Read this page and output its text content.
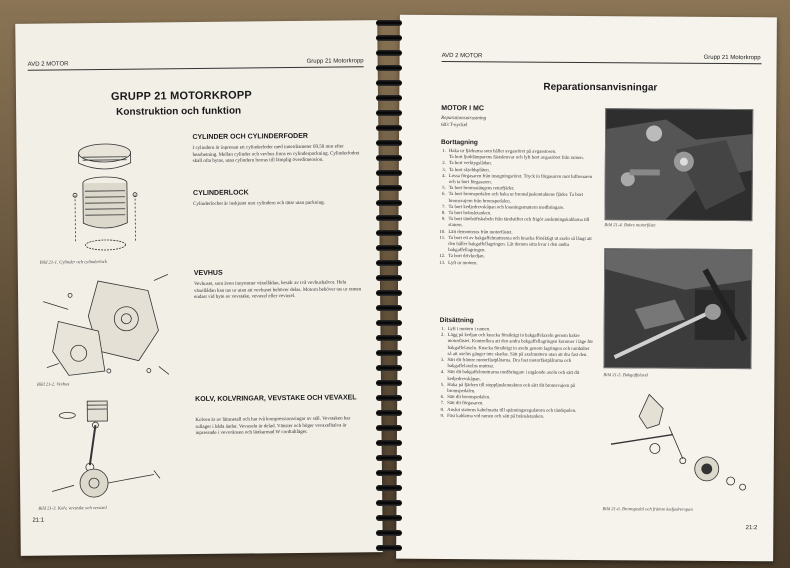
AVD 2 MOTOR	Grupp 21 Motorkropp
GRUPP 21 MOTORKROPP
Konstruktion och funktion
Bild 21-1. Cylinder och cylinderlock
CYLINDER OCH CYLINDERFODER
I cylindern är inpressat ett cylinderfoder med innerdiameter 69,50 mm efter bearbetning. Mellan cylinder och vevhus finns en cylinderpackning. Cylinderfodret skall ofta bytas, utan cylindern borras till lämplig överdimension.
CYLINDERLOCK
Cylinderlocket är inskjutet mot cylindern och tätar utan packning.
Bild 21-2. Vevhus
VEVHUS
Vevhuset, som även innymmer växellådan, består av två vevhushalvor. Hela växellådan kan tas ur utan att vevhuset behöver delas. Motorn behöver tas ur ramen endast vid byte av vevstake, vevaxel eller vevaxel.
Bild 21-3. Kolv, vevstake och vevaxel
KOLV, KOLVRINGAR, VEVSTAKE OCH VEVAXEL
Kolven är av lättmetall och har två kompressionsringar av stål. Vevstaken har rullager i båda ändar. Vevaxeln är delad. Vänster och höger vevaxelhalva är inpressade i vevsvänsen och länkarmad W cordtaltläger.
21:1
AVD 2 MOTOR	Grupp 21 Motorkropp
Reparationsanvisningar
MOTOR I MC
Reparationsutrustning
603 T-nyckel
Borttagning
1. Haka ur fjädrarna som håller avgasröret på avgasstosen.
Ta bort ljuddämparens fästskruvar och lyft bort avgasröret från ramen.
2. Ta bort verktygslådan.
3. Ta bort skyddsplåten.
4. Lossa förgasaren från insugningsröret. Tryck in förgasaren mot luftrenaren och ta bort förgasaren.
5. Ta bort bromsstängens returfjäder.
6. Ta bort bromspedalen och haka ur bromsljuskontaktens fjäder. Ta bort bromsvajern från bromspedalen.
7. Ta bort kedjedrevskåpan och lossningsmuttern medbringare.
8. Ta bort bränsletanken.
9. Ta bort tändstiftskabeln från tändstiftet och frigör anslutningskablarna till statorn.
10. Lätt demonteras från motorfästet.
11. Ta bort ett av bakgaffelmuttrarna och knacka försiktigt ut axeln så långt att den håller bakgaffellagringen. Låt demon sitta kvar i den andra bakgaffellagringen.
12. Ta bort drivkedjan.
13. Lyft ur motorn.
Ditsättning
1. Lyft i motorn i ramen.
2. Lägg på kedjan och knacka försiktigt in bakgaffelaxeln genom bakre motorfästet. Kontrollera att den andra bakgaffellagringen kommer i läge för bakgaffelaxeln. Knacka försiktigt in axeln genom lagringen och rambältet så att axelns gänger inte skadas. Sätt på axelmuttern utan att dra fast den.
3. Sätt dit främre motorfästplåtarna. Dra fast motorfästplåtarna och bakgaffelaxelns muttrar.
4. Sätt dit bakgaffelmuttrarna medbringare i utgående axeln och sätt dit kedjedrevskåpan.
5. Haka på fjädern till stoppljuskontakten och sätt dit bromsvajern på bromspedalen.
6. Sätt dit bromspedalen.
7. Sätt dit förgasaren.
8. Anslut statorns kabelmatta till spänningsregulatorn och tändspolen.
9. Fäst kablarna vid ramen och sätt på bränsletanken.
Bild 21-4. Bakre motorfäste
Bild 21-5. Bakgaffelaxel
Bild 21-6. Bromspedal och främre kedjedrevspan
21:2
